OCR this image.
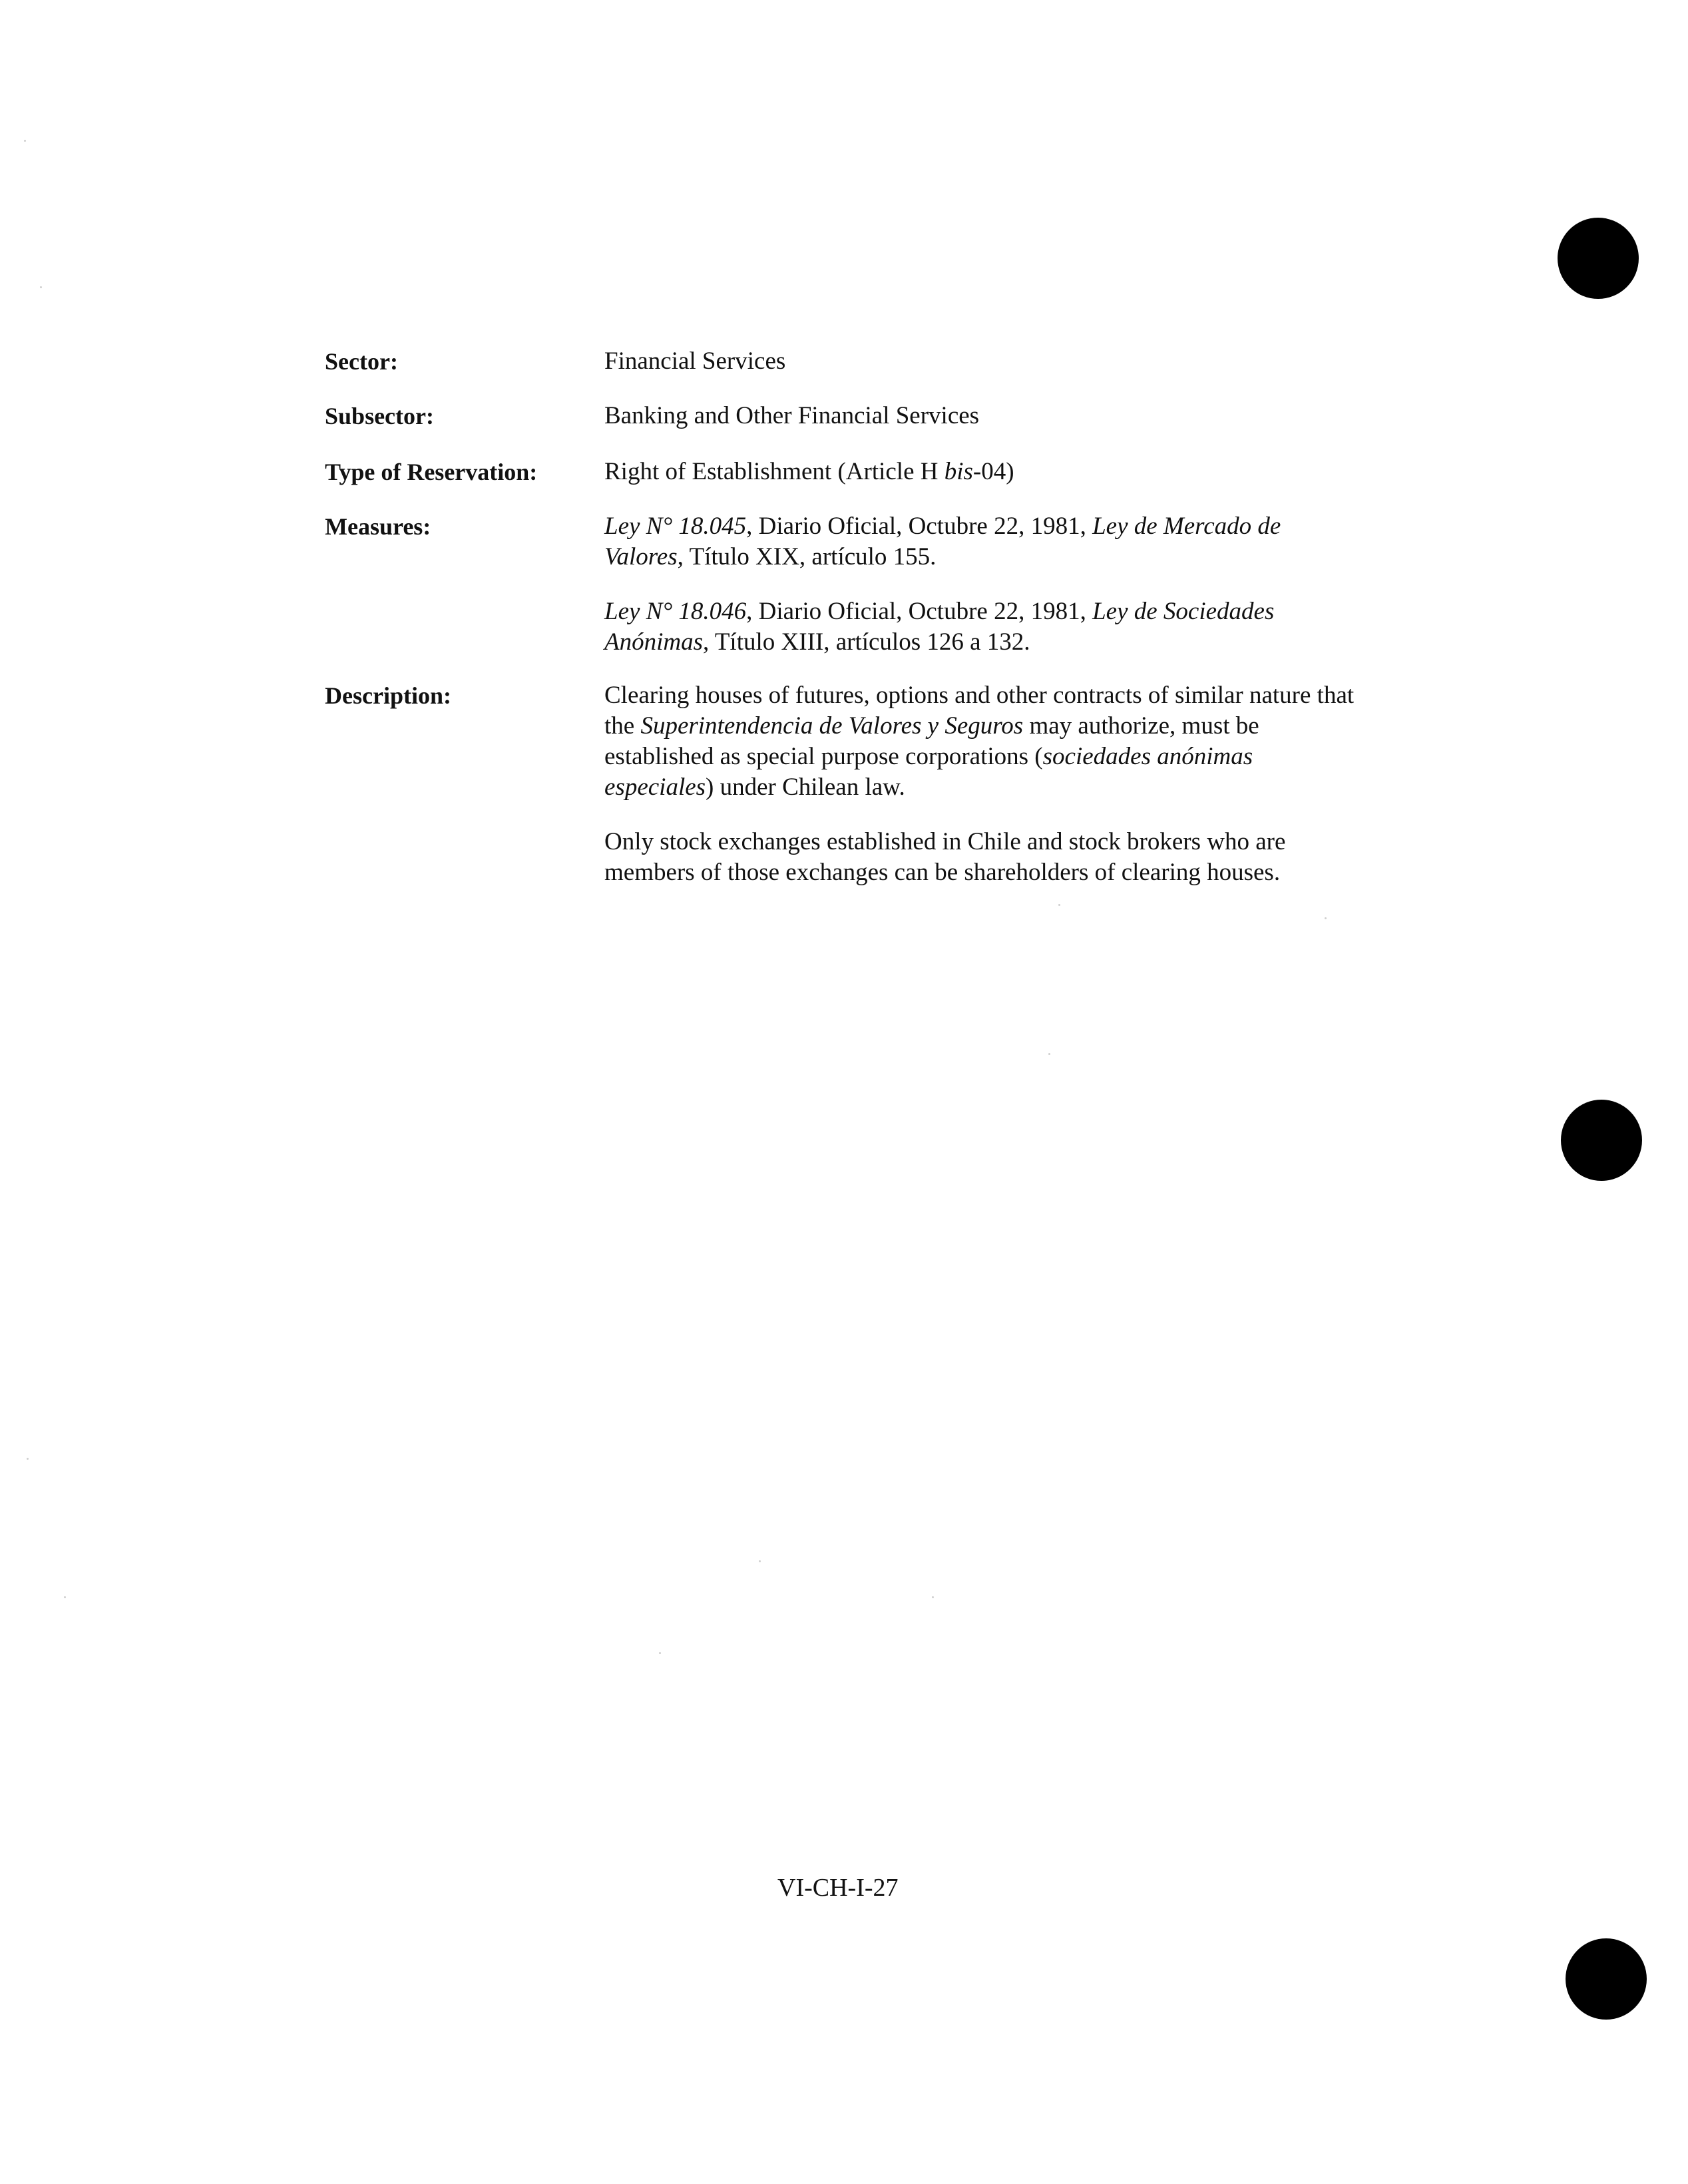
Sector:	Financial Services
Subsector:	Banking and Other Financial Services
Type of Reservation:	Right of Establishment (Article H bis-04)
Measures:	Ley N° 18.045, Diario Oficial, Octubre 22, 1981, Ley de Mercado de Valores, Título XIX, artículo 155.

Ley N° 18.046, Diario Oficial, Octubre 22, 1981, Ley de Sociedades Anónimas, Título XIII, artículos 126 a 132.

Description:	Clearing houses of futures, options and other contracts of similar nature that the Superintendencia de Valores y Seguros may authorize, must be established as special purpose corporations (sociedades anónimas especiales) under Chilean law.

Only stock exchanges established in Chile and stock brokers who are members of those exchanges can be shareholders of clearing houses.

VI-CH-I-27
